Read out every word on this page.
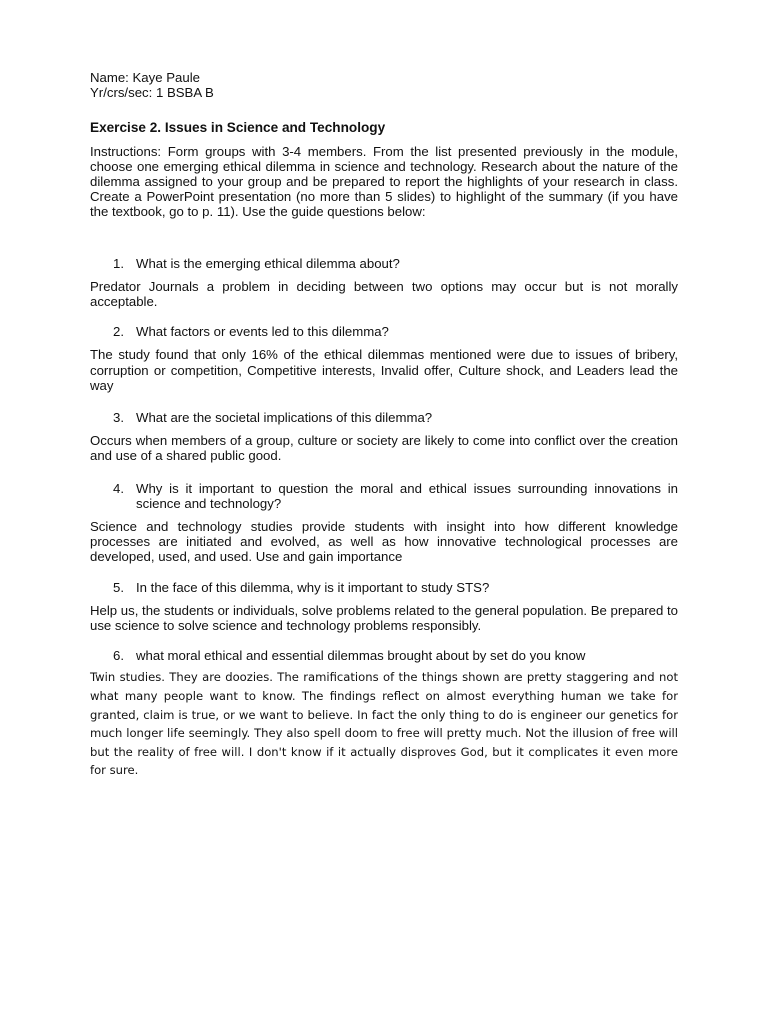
Name: Kaye Paule
Yr/crs/sec: 1 BSBA B
Exercise 2. Issues in Science and Technology
Instructions: Form groups with 3-4 members. From the list presented previously in the module, choose one emerging ethical dilemma in science and technology. Research about the nature of the dilemma assigned to your group and be prepared to report the highlights of your research in class. Create a PowerPoint presentation (no more than 5 slides) to highlight of the summary (if you have the textbook, go to p. 11). Use the guide questions below:
1. What is the emerging ethical dilemma about?
Predator Journals a problem in deciding between two options may occur but is not morally acceptable.
2. What factors or events led to this dilemma?
The study found that only 16% of the ethical dilemmas mentioned were due to issues of bribery, corruption or competition, Competitive interests, Invalid offer, Culture shock, and Leaders lead the way
3. What are the societal implications of this dilemma?
Occurs when members of a group, culture or society are likely to come into conflict over the creation and use of a shared public good.
4. Why is it important to question the moral and ethical issues surrounding innovations in science and technology?
Science and technology studies provide students with insight into how different knowledge processes are initiated and evolved, as well as how innovative technological processes are developed, used, and used. Use and gain importance
5. In the face of this dilemma, why is it important to study STS?
Help us, the students or individuals, solve problems related to the general population. Be prepared to use science to solve science and technology problems responsibly.
6. what moral ethical and essential dilemmas brought about by set do you know
Twin studies. They are doozies. The ramifications of the things shown are pretty staggering and not what many people want to know. The findings reflect on almost everything human we take for granted, claim is true, or we want to believe. In fact the only thing to do is engineer our genetics for much longer life seemingly. They also spell doom to free will pretty much. Not the illusion of free will but the reality of free will. I don't know if it actually disproves God, but it complicates it even more for sure.
